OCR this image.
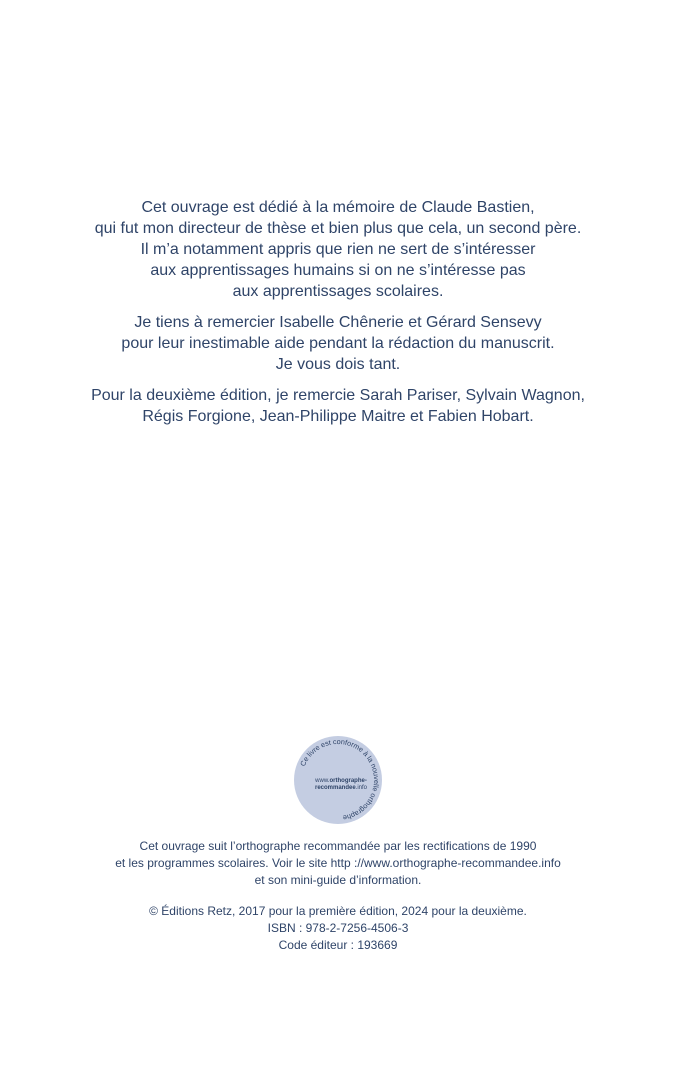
Cet ouvrage est dédié à la mémoire de Claude Bastien,
qui fut mon directeur de thèse et bien plus que cela, un second père.
Il m’a notamment appris que rien ne sert de s’intéresser
aux apprentissages humains si on ne s’intéresse pas
aux apprentissages scolaires.

Je tiens à remercier Isabelle Chênerie et Gérard Sensevy
pour leur inestimable aide pendant la rédaction du manuscrit.
Je vous dois tant.

Pour la deuxième édition, je remercie Sarah Pariser, Sylvain Wagnon,
Régis Forgione, Jean-Philippe Maitre et Fabien Hobart.

Ce livre est conforme à la nouvelle orthographe
www.orthographe-
recommandee.info

Cet ouvrage suit l’orthographe recommandée par les rectifications de 1990
et les programmes scolaires. Voir le site http ://www.orthographe-recommandee.info
et son mini-guide d’information.

© Éditions Retz, 2017 pour la première édition, 2024 pour la deuxième.
ISBN : 978-2-7256-4506-3
Code éditeur : 193669
